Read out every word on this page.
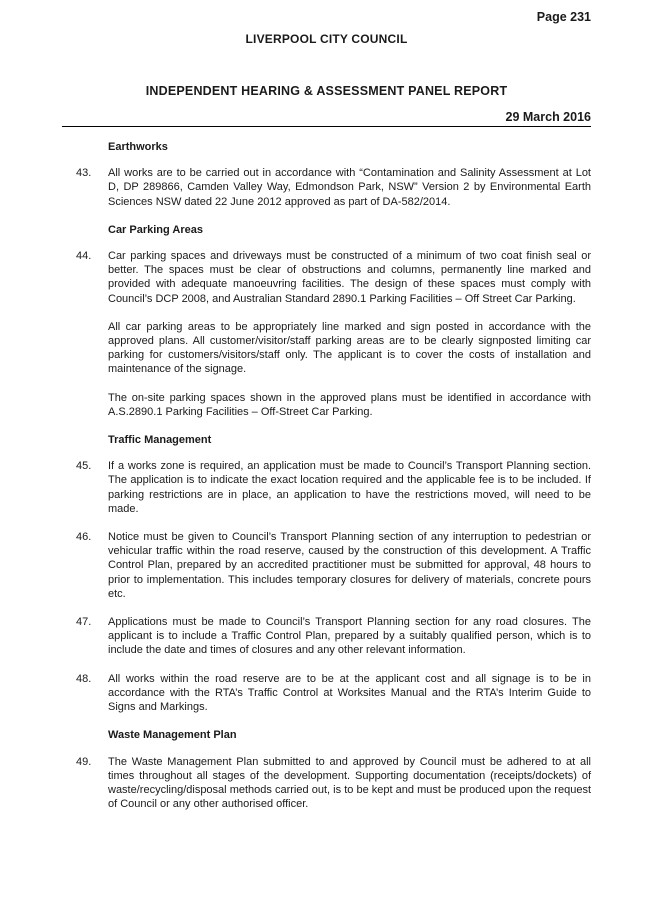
Page 231
LIVERPOOL CITY COUNCIL
INDEPENDENT HEARING & ASSESSMENT PANEL REPORT
29 March 2016
Earthworks
43.	All works are to be carried out in accordance with “Contamination and Salinity Assessment at Lot D, DP 289866, Camden Valley Way, Edmondson Park, NSW” Version 2 by Environmental Earth Sciences NSW dated 22 June 2012 approved as part of DA-582/2014.
Car Parking Areas
44.	Car parking spaces and driveways must be constructed of a minimum of two coat finish seal or better. The spaces must be clear of obstructions and columns, permanently line marked and provided with adequate manoeuvring facilities. The design of these spaces must comply with Council’s DCP 2008, and Australian Standard 2890.1 Parking Facilities – Off Street Car Parking.
All car parking areas to be appropriately line marked and sign posted in accordance with the approved plans. All customer/visitor/staff parking areas are to be clearly signposted limiting car parking for customers/visitors/staff only. The applicant is to cover the costs of installation and maintenance of the signage.
The on-site parking spaces shown in the approved plans must be identified in accordance with A.S.2890.1 Parking Facilities – Off-Street Car Parking.
Traffic Management
45.	If a works zone is required, an application must be made to Council’s Transport Planning section. The application is to indicate the exact location required and the applicable fee is to be included. If parking restrictions are in place, an application to have the restrictions moved, will need to be made.
46.	Notice must be given to Council’s Transport Planning section of any interruption to pedestrian or vehicular traffic within the road reserve, caused by the construction of this development. A Traffic Control Plan, prepared by an accredited practitioner must be submitted for approval, 48 hours to prior to implementation. This includes temporary closures for delivery of materials, concrete pours etc.
47.	Applications must be made to Council’s Transport Planning section for any road closures. The applicant is to include a Traffic Control Plan, prepared by a suitably qualified person, which is to include the date and times of closures and any other relevant information.
48.	All works within the road reserve are to be at the applicant cost and all signage is to be in accordance with the RTA’s Traffic Control at Worksites Manual and the RTA’s Interim Guide to Signs and Markings.
Waste Management Plan
49.	The Waste Management Plan submitted to and approved by Council must be adhered to at all times throughout all stages of the development. Supporting documentation (receipts/dockets) of waste/recycling/disposal methods carried out, is to be kept and must be produced upon the request of Council or any other authorised officer.
